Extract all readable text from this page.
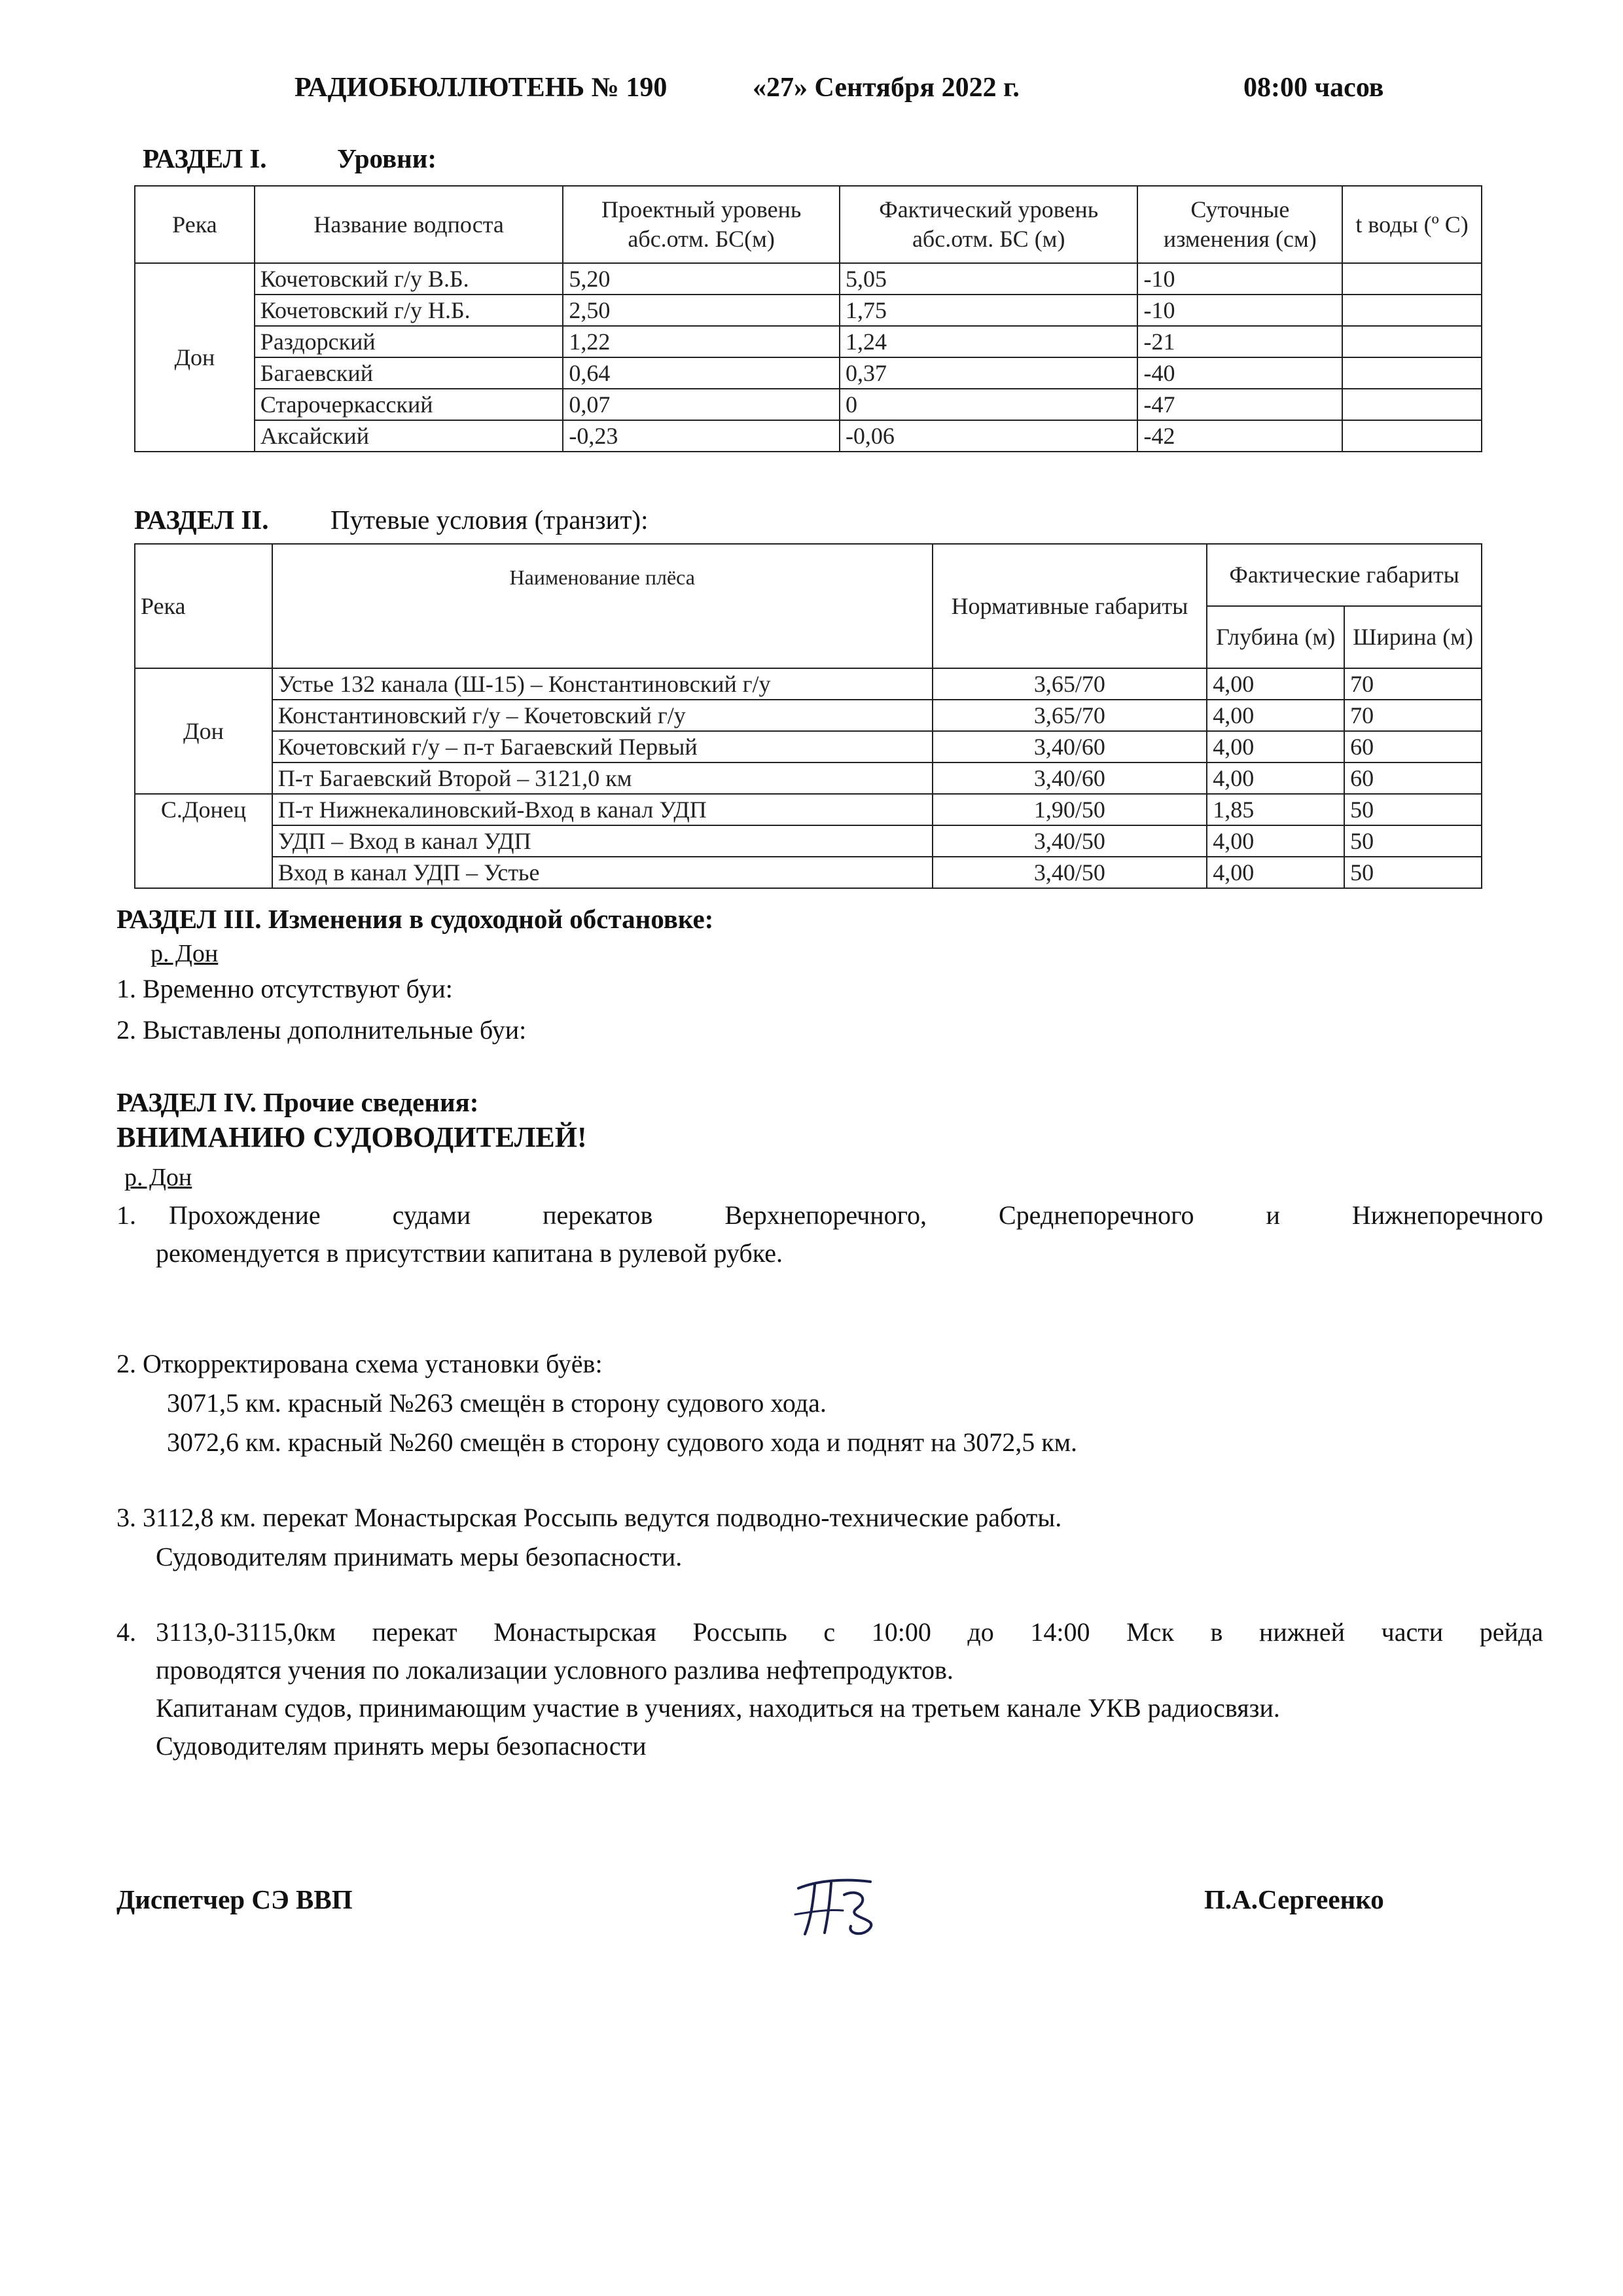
РАДИОБЮЛЛЮТЕНЬ № 190	«27» Сентября 2022 г.	08:00 часов
РАЗДЕЛ I.	Уровни:
Река	Название водпоста	Проектный уровень абс.отм. БС(м)	Фактический уровень абс.отм. БС (м)	Суточные изменения (см)	t воды (º С)
Дон	Кочетовский г/у В.Б.	5,20	5,05	-10	
	Кочетовский г/у Н.Б.	2,50	1,75	-10	
	Раздорский	1,22	1,24	-21	
	Багаевский	0,64	0,37	-40	
	Старочеркасский	0,07	0	-47	
	Аксайский	-0,23	-0,06	-42	
РАЗДЕЛ II. Путевые условия (транзит):
Река	Наименование плёса	Нормативные габариты	Фактические габариты	
			Глубина (м)	Ширина (м)
Дон	Устье 132 канала (Ш-15) – Константиновский г/у	3,65/70	4,00	70
	Константиновский г/у – Кочетовский г/у	3,65/70	4,00	70
	Кочетовский г/у – п-т Багаевский Первый	3,40/60	4,00	60
	П-т Багаевский Второй – 3121,0 км	3,40/60	4,00	60
С.Донец	П-т Нижнекалиновский-Вход в канал УДП	1,90/50	1,85	50
	УДП – Вход в канал УДП	3,40/50	4,00	50
	Вход в канал УДП – Устье	3,40/50	4,00	50
РАЗДЕЛ III. Изменения в судоходной обстановке:
р. Дон
1. Временно отсутствуют буи:
2. Выставлены дополнительные буи:
РАЗДЕЛ IV. Прочие сведения:
ВНИМАНИЮ СУДОВОДИТЕЛЕЙ!
р. Дон
1. Прохождение судами перекатов Верхнепоречного, Среднепоречного и Нижнепоречного
рекомендуется в присутствии капитана в рулевой рубке.
2. Откорректирована схема установки буёв:
3071,5 км. красный №263 смещён в сторону судового хода.
3072,6 км. красный №260 смещён в сторону судового хода и поднят на 3072,5 км.
3. 3112,8 км. перекат Монастырская Россыпь ведутся подводно-технические работы.
Судоводителям принимать меры безопасности.
4. 3113,0-3115,0км перекат Монастырская Россыпь с 10:00 до 14:00 Мск в нижней части рейда
проводятся учения по локализации условного разлива нефтепродуктов.
Капитанам судов, принимающим участие в учениях, находиться на третьем канале УКВ радиосвязи.
Судоводителям принять меры безопасности
Диспетчер СЭ ВВП	П.А.Сергеенко
